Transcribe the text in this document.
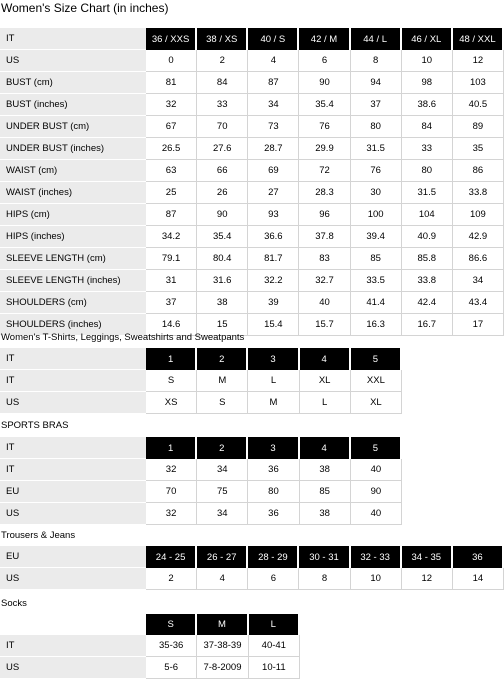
Women's Size Chart (in inches)
IT	36 / XXS	38 / XS	40 / S	42 / M	44 / L	46 / XL	48 / XXL
US	0	2	4	6	8	10	12
BUST (cm)	81	84	87	90	94	98	103
BUST (inches)	32	33	34	35.4	37	38.6	40.5
UNDER BUST (cm)	67	70	73	76	80	84	89
UNDER BUST (inches)	26.5	27.6	28.7	29.9	31.5	33	35
WAIST (cm)	63	66	69	72	76	80	86
WAIST (inches)	25	26	27	28.3	30	31.5	33.8
HIPS (cm)	87	90	93	96	100	104	109
HIPS (inches)	34.2	35.4	36.6	37.8	39.4	40.9	42.9
SLEEVE LENGTH (cm)	79.1	80.4	81.7	83	85	85.8	86.6
SLEEVE LENGTH (inches)	31	31.6	32.2	32.7	33.5	33.8	34
SHOULDERS (cm)	37	38	39	40	41.4	42.4	43.4
SHOULDERS (inches)	14.6	15	15.4	15.7	16.3	16.7	17
Women's T-Shirts, Leggings, Sweatshirts and Sweatpants
IT	1	2	3	4	5
IT	S	M	L	XL	XXL
US	XS	S	M	L	XL
SPORTS BRAS
IT	1	2	3	4	5
IT	32	34	36	38	40
EU	70	75	80	85	90
US	32	34	36	38	40
Trousers & Jeans
EU	24 - 25	26 - 27	28 - 29	30 - 31	32 - 33	34 - 35	36
US	2	4	6	8	10	12	14
Socks
	S	M	L
IT	35-36	37-38-39	40-41
US	5-6	7-8-2009	10-11
